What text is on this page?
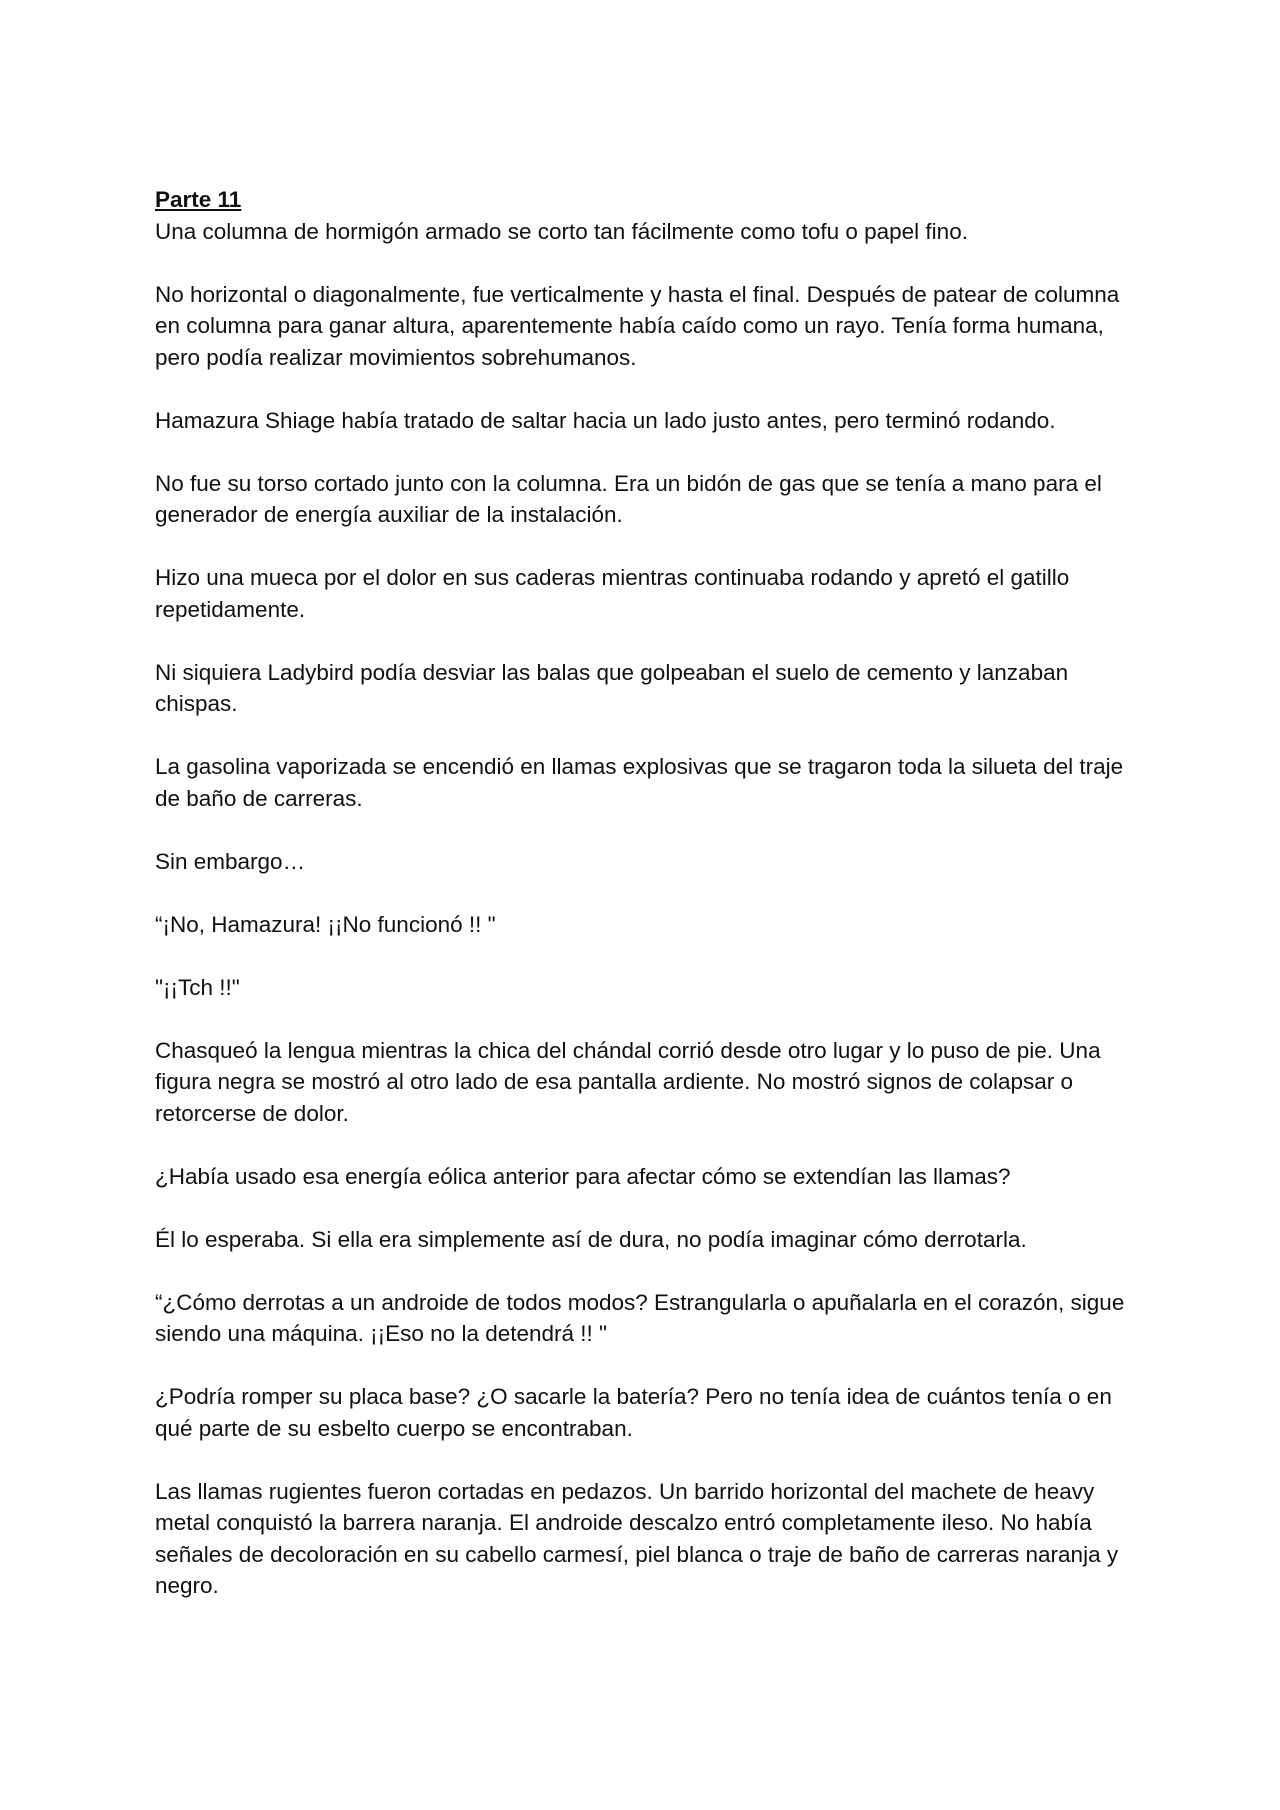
Parte 11

Una columna de hormigón armado se corto tan fácilmente como tofu o papel fino.

No horizontal o diagonalmente, fue verticalmente y hasta el final. Después de patear de columna en columna para ganar altura, aparentemente había caído como un rayo. Tenía forma humana, pero podía realizar movimientos sobrehumanos.

Hamazura Shiage había tratado de saltar hacia un lado justo antes, pero terminó rodando.

No fue su torso cortado junto con la columna. Era un bidón de gas que se tenía a mano para el generador de energía auxiliar de la instalación.

Hizo una mueca por el dolor en sus caderas mientras continuaba rodando y apretó el gatillo repetidamente.

Ni siquiera Ladybird podía desviar las balas que golpeaban el suelo de cemento y lanzaban chispas.

La gasolina vaporizada se encendió en llamas explosivas que se tragaron toda la silueta del traje de baño de carreras.

Sin embargo…

“¡No, Hamazura! ¡¡No funcionó !! "

"¡¡Tch !!"

Chasqueó la lengua mientras la chica del chándal corrió desde otro lugar y lo puso de pie. Una figura negra se mostró al otro lado de esa pantalla ardiente. No mostró signos de colapsar o retorcerse de dolor.

¿Había usado esa energía eólica anterior para afectar cómo se extendían las llamas?

Él lo esperaba. Si ella era simplemente así de dura, no podía imaginar cómo derrotarla.

“¿Cómo derrotas a un androide de todos modos? Estrangularla o apuñalarla en el corazón, sigue siendo una máquina. ¡¡Eso no la detendrá !! "

¿Podría romper su placa base? ¿O sacarle la batería? Pero no tenía idea de cuántos tenía o en qué parte de su esbelto cuerpo se encontraban.

Las llamas rugientes fueron cortadas en pedazos. Un barrido horizontal del machete de heavy metal conquistó la barrera naranja. El androide descalzo entró completamente ileso. No había señales de decoloración en su cabello carmesí, piel blanca o traje de baño de carreras naranja y negro.
